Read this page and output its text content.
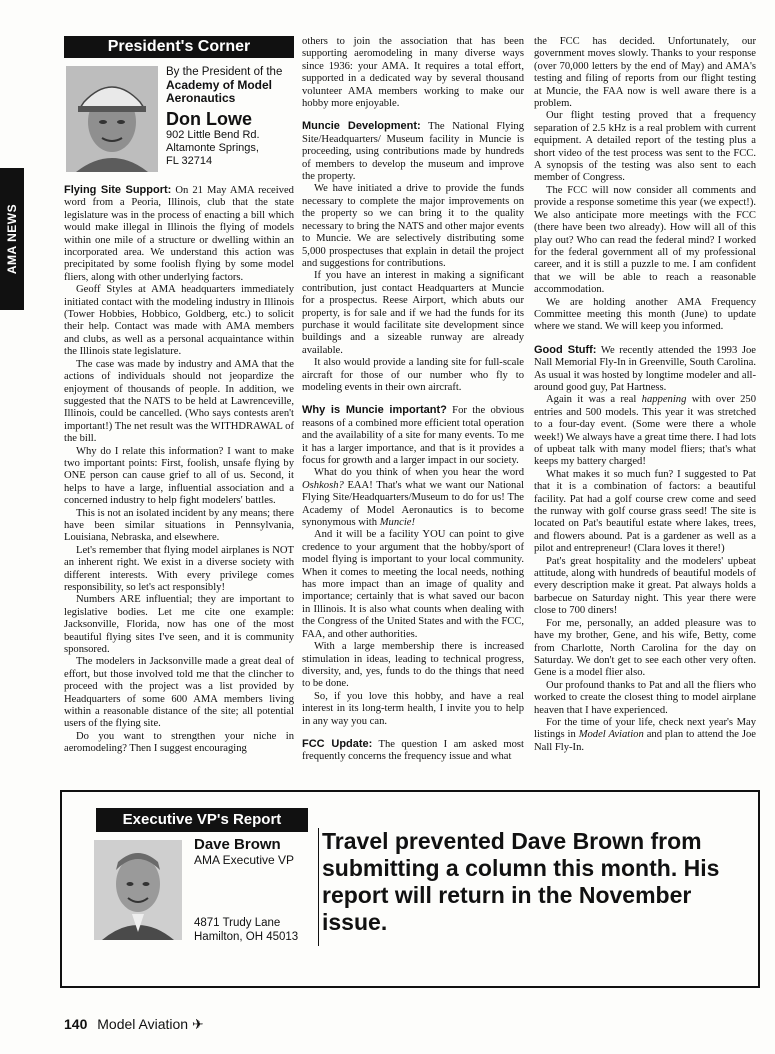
AMA NEWS
President's Corner
By the President of the
Academy of Model Aeronautics
Don Lowe
902 Little Bend Rd.
Altamonte Springs,
FL 32714

Flying Site Support: On 21 May AMA received word from a Peoria, Illinois, club that the state legislature was in the process of enacting a bill which would make illegal in Illinois the flying of models within one mile of a structure or dwelling within an incorporated area. We understand this action was precipitated by some foolish flying by some model fliers, along with other underlying factors.

Geoff Styles at AMA headquarters immediately initiated contact with the modeling industry in Illinois (Tower Hobbies, Hobbico, Goldberg, etc.) to solicit their help. Contact was made with AMA members and clubs, as well as a personal acquaintance within the Illinois state legislature.

The case was made by industry and AMA that the actions of individuals should not jeopardize the enjoyment of thousands of people. In addition, we suggested that the NATS to be held at Lawrenceville, Illinois, could be cancelled. (Who says contests aren't important!) The net result was the WITHDRAWAL of the bill.

Why do I relate this information? I want to make two important points: First, foolish, unsafe flying by ONE person can cause grief to all of us. Second, it helps to have a large, influential association and a concerned industry to help fight modelers' battles.

This is not an isolated incident by any means; there have been similar situations in Pennsylvania, Louisiana, Nebraska, and elsewhere.

Let's remember that flying model airplanes is NOT an inherent right. We exist in a diverse society with different interests. With every privilege comes responsibility, so let's act responsibly!

Numbers ARE influential; they are important to legislative bodies. Let me cite one example: Jacksonville, Florida, now has one of the most beautiful flying sites I've seen, and it is community sponsored.

The modelers in Jacksonville made a great deal of effort, but those involved told me that the clincher to proceed with the project was a list provided by Headquarters of some 600 AMA members living within a reasonable distance of the site; all potential users of the flying site.

Do you want to strengthen your niche in aeromodeling? Then I suggest encouraging

others to join the association that has been supporting aeromodeling in many diverse ways since 1936: your AMA. It requires a total effort, supported in a dedicated way by several thousand volunteer AMA members working to make our hobby more enjoyable.

Muncie Development: The National Flying Site/Headquarters/ Museum facility in Muncie is proceeding, using contributions made by hundreds of members to develop the museum and improve the property.

We have initiated a drive to provide the funds necessary to complete the major improvements on the property so we can bring it to the quality necessary to bring the NATS and other major events to Muncie. We are selectively distributing some 5,000 prospectuses that explain in detail the project and suggestions for contributions.

If you have an interest in making a significant contribution, just contact Headquarters at Muncie for a prospectus. Reese Airport, which abuts our property, is for sale and if we had the funds for its purchase it would facilitate site development since buildings and a sizeable runway are already available.

It also would provide a landing site for full-scale aircraft for those of our number who fly to modeling events in their own aircraft.

Why is Muncie important? For the obvious reasons of a combined more efficient total operation and the availability of a site for many events. To me it has a larger importance, and that is it provides a focus for growth and a larger impact in our society.

What do you think of when you hear the word Oshkosh? EAA! That's what we want our National Flying Site/Headquarters/Museum to do for us! The Academy of Model Aeronautics is to become synonymous with Muncie!

And it will be a facility YOU can point to give credence to your argument that the hobby/sport of model flying is important to your local community. When it comes to meeting the local needs, nothing has more impact than an image of quality and importance; certainly that is what saved our bacon in Illinois. It is also what counts when dealing with the Congress of the United States and with the FCC, FAA, and other authorities.

With a large membership there is increased stimulation in ideas, leading to technical progress, diversity, and, yes, funds to do the things that need to be done.

So, if you love this hobby, and have a real interest in its long-term health, I invite you to help in any way you can.

FCC Update: The question I am asked most frequently concerns the frequency issue and what

the FCC has decided. Unfortunately, our government moves slowly. Thanks to your response (over 70,000 letters by the end of May) and AMA's testing and filing of reports from our flight testing at Muncie, the FAA now is well aware there is a problem.

Our flight testing proved that a frequency separation of 2.5 kHz is a real problem with current equipment. A detailed report of the testing plus a short video of the test process was sent to the FCC. A synopsis of the testing was also sent to each member of Congress.

The FCC will now consider all comments and provide a response sometime this year (we expect!). We also anticipate more meetings with the FCC (there have been two already). How will all of this play out? Who can read the federal mind? I worked for the federal government all of my professional career, and it is still a puzzle to me. I am confident that we will be able to reach a reasonable accommodation.

We are holding another AMA Frequency Committee meeting this month (June) to update where we stand. We will keep you informed.

Good Stuff: We recently attended the 1993 Joe Nall Memorial Fly-In in Greenville, South Carolina. As usual it was hosted by longtime modeler and all-around good guy, Pat Hartness.

Again it was a real happening with over 250 entries and 500 models. This year it was stretched to a four-day event. (Some were there a whole week!) We always have a great time there. I had lots of upbeat talk with many model fliers; that's what keeps my battery charged!

What makes it so much fun? I suggested to Pat that it is a combination of factors: a beautiful facility. Pat had a golf course crew come and seed the runway with golf course grass seed! The site is located on Pat's beautiful estate where lakes, trees, and flowers abound. Pat is a gardener as well as a pilot and entrepreneur! (Clara loves it there!)

Pat's great hospitality and the modelers' upbeat attitude, along with hundreds of beautiful models of every description make it great. Pat always holds a barbecue on Saturday night. This year there were close to 700 diners!

For me, personally, an added pleasure was to have my brother, Gene, and his wife, Betty, come from Charlotte, North Carolina for the day on Saturday. We don't get to see each other very often. Gene is a model flier also.

Our profound thanks to Pat and all the fliers who worked to create the closest thing to model airplane heaven that I have experienced.

For the time of your life, check next year's May listings in Model Aviation and plan to attend the Joe Nall Fly-In.

Executive VP's Report
Dave Brown
AMA Executive VP
4871 Trudy Lane
Hamilton, OH 45013
Travel prevented Dave Brown from submitting a column this month. His report will return in the November issue.
140 Model Aviation ✈
